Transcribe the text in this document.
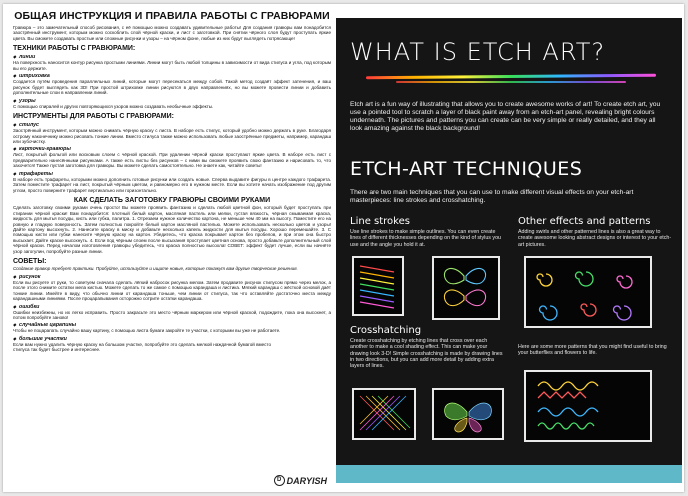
ОБЩАЯ ИНСТРУКЦИЯ И ПРАВИЛА РАБОТЫ С ГРАВЮРАМИ

Гравюра – это замечательный способ рисования, с её помощью можно создавать удивительные работы! Для создания гравюры вам понадобится заострённый инструмент, которым можно соскоблить слой чёрной краски, и лист с заготовкой. При снятии чёрного слоя будут проступать яркие цвета. Вы сможете создавать простые или сложные рисунки и узоры – на чёрном фоне, любые из них будут выглядеть потрясающе!

ТЕХНИКИ РАБОТЫ С ГРАВЮРАМИ:
◆ линии

На поверхность наносится контур рисунка простыми линиями. Линии могут быть любой толщины в зависимости от вида стилуса и угла, под которым вы его держите.

◆ штриховка

Создается путём проведения параллельных линий, которые могут пересекаться между собой. Такой метод создаёт эффект затенения, и ваш рисунок будет выглядеть как 3D! При простой штриховке линии рисуются в двух направлениях, но вы можете провести линии и добавить дополнительные слои в направлении линий.

◆ узоры

С помощью спиралей и других повторяющихся узоров можно создавать необычные эффекты.

ИНСТРУМЕНТЫ ДЛЯ РАБОТЫ С ГРАВЮРАМИ:
◆ стилус

Заострённый инструмент, которым можно снимать чёрную краску с листа. В наборе есть стилус, который удобно можно держать в руке. Благодаря острому наконечнику можно рисовать тонкие линии. Вместо стилуса также можно использовать любые заострённые предметы, например, карандаш или зубочистку.

◆ карточки-гравюры

Лист, покрытый фольгой или восковым слоем с чёрной краской. При удалении чёрной краски проступают яркие цвета. В наборе есть лист с предварительно нанесёнными рисунками. А также есть листы без рисунков – с ними вы сможете проявить свою фантазию и нарисовать то, что захочется! Также пустая заготовка для гравюры. Вы можете сделать самостоятельно. Не знаете как, читайте советы!

◆ трафареты

В наборе есть трафареты, которыми можно дополнить готовые рисунки или создать новые. Сперва выдавите фигуры в центре каждого трафарета. Затем поместите трафарет на лист, покрытый чёрным цветом, и равномерно его в нужном месте. Если вы хотите начать изображение под другим углом, просто поверните трафарет вертикально или горизонтально.

КАК СДЕЛАТЬ ЗАГОТОВКУ ГРАВЮРЫ СВОИМИ РУКАМИ

Сделать заготовку своими руками очень просто! Вы можете проявить фантазию и сделать любой цветной фон, который будет проступать при стирании чёрной краски! Вам понадобится: плотный белый картон, масляная пастель или мелки, густая вязкость, чёрная смываемая краска, жидкость для мытья посуды, кисть или губка, палитра. 1. Отрезаем нужное количество картона, не меньше чем 40 мм на высоту. Поместите его на ровную и гладкую поверхность. Затем полностью покройте белый картон масляной пастелью. Можете использовать несколько цветов и узоры! Дайте картону высохнуть. 2. Нанесите краску в миску и добавьте несколько капель жидкости для мытья посуды. Хорошо перемешайте. 3. С помощью кисти или губки нанесите чёрную краску на картон. Убедитесь, что краска покрывает картон без пробелов, и при этом она быстро высыхает. Дайте краске высохнуть. 4. Если под чёрным слоем после высыхания проступает цветная основа, просто добавьте дополнительный слой чёрной краски. Перед началом изготовления гравюры убедитесь, что краска полностью высохла! СОВЕТ: эффект будет лучше, если вы начнёте узор загогулин, попробуйте разные линии.

СОВЕТЫ:

Создание гравюр требует практики. Пробуйте, используйте и ищите новые, которые покажут вам другие творческие решения.

◆ рисунок

Если вы рисуете от руки, то советуем сначала сделать лёгкий набросок рисунка мелом. Затем продавите рисунок стилусом прямо через мелок, а после этого снимите остатки мела кистью. Можете сделать то же самое с помощью карандаша и листика. Мягкий карандаш с жёсткой основой даёт тонкие линии. Имейте в виду, что обычно линии от карандаша тоньше, чем линии от стилуса, так что оставляйте достаточно места между карандашными линиями. После процарапывания осторожно сотрите остатки карандаша.

◆ ошибки

Ошибки неизбежны, но их легко исправить. Просто закрасьте это место чёрным маркером или чёрной краской, подождите, пока она высохнет, а потом попробуйте заново!

◆ случайные царапины

Чтобы не поцарапать случайно вашу картину, с помощью листа бумаги закройте те участки, с которыми вы уже не работаете.

◆ большие участки

Если вам нужно удалить чёрную краску на большом участке, попробуйте это сделать мелкой наждачной бумагой вместо стилуса так будет быстрее и интереснее.

D DARYISH
WHAT IS ETCH ART?
Etch art is a fun way of illustrating that allows you to create awesome works of art! To create etch art, you use a pointed tool to scratch a layer of black paint away from an etch-art panel, revealing bright colours underneath. The pictures and patterns you can create can be very simple or really detailed, and they all look amazing against the black background!
ETCH-ART TECHNIQUES
There are two main techniques that you can use to make different visual effects on your etch-art masterpieces: line strokes and crosshatching.
Line strokes
Use line strokes to make simple outlines. You can even create lines of different thicknesses depending on the kind of stylus you use and the angle you hold it at.
Crosshatching
Create crosshatching by etching lines that cross over each another to make a cool shading effect. This can make your drawing look 3-D! Simple crosshatching is made by drawing lines in two directions, but you can add more detail by adding extra layers of lines.
Other effects and patterns
Adding swirls and other patterned lines is also a great way to create awesome looking abstract designs or interest to your etch-art pictures.
Here are some more patterns that you might find useful to bring your butterflies and flowers to life.
